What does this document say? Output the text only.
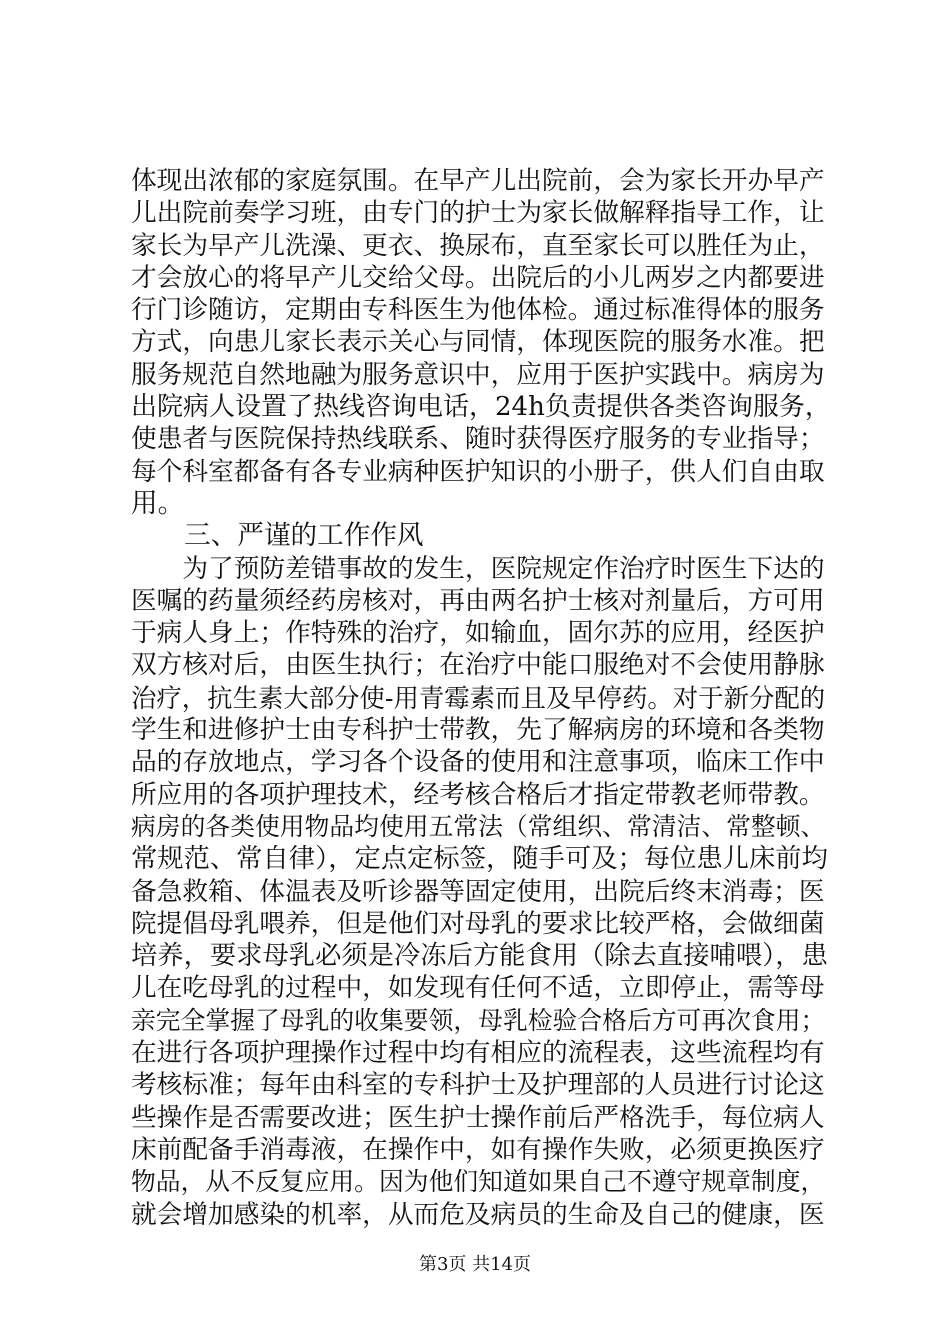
体现出浓郁的家庭氛围。在早产儿出院前，会为家长开办早产
儿出院前奏学习班，由专门的护士为家长做解释指导工作，让
家长为早产儿洗澡、更衣、换尿布，直至家长可以胜任为止，
才会放心的将早产儿交给父母。出院后的小儿两岁之内都要进
行门诊随访，定期由专科医生为他体检。通过标准得体的服务
方式，向患儿家长表示关心与同情，体现医院的服务水准。把
服务规范自然地融为服务意识中，应用于医护实践中。病房为
出院病人设置了热线咨询电话，24h负责提供各类咨询服务，
使患者与医院保持热线联系、随时获得医疗服务的专业指导；
每个科室都备有各专业病种医护知识的小册子，供人们自由取
用。
　　三、严谨的工作作风
　　为了预防差错事故的发生，医院规定作治疗时医生下达的
医嘱的药量须经药房核对，再由两名护士核对剂量后，方可用
于病人身上；作特殊的治疗，如输血，固尔苏的应用，经医护
双方核对后，由医生执行；在治疗中能口服绝对不会使用静脉
治疗，抗生素大部分使-用青霉素而且及早停药。对于新分配的
学生和进修护士由专科护士带教，先了解病房的环境和各类物
品的存放地点，学习各个设备的使用和注意事项，临床工作中
所应用的各项护理技术，经考核合格后才指定带教老师带教。
病房的各类使用物品均使用五常法（常组织、常清洁、常整顿、
常规范、常自律），定点定标签，随手可及；每位患儿床前均
备急救箱、体温表及听诊器等固定使用，出院后终末消毒；医
院提倡母乳喂养，但是他们对母乳的要求比较严格，会做细菌
培养，要求母乳必须是冷冻后方能食用（除去直接哺喂），患
儿在吃母乳的过程中，如发现有任何不适，立即停止，需等母
亲完全掌握了母乳的收集要领，母乳检验合格后方可再次食用；
在进行各项护理操作过程中均有相应的流程表，这些流程均有
考核标准；每年由科室的专科护士及护理部的人员进行讨论这
些操作是否需要改进；医生护士操作前后严格洗手，每位病人
床前配备手消毒液，在操作中，如有操作失败，必须更换医疗
物品，从不反复应用。因为他们知道如果自己不遵守规章制度，
就会增加感染的机率，从而危及病员的生命及自己的健康，医
第3页 共14页
